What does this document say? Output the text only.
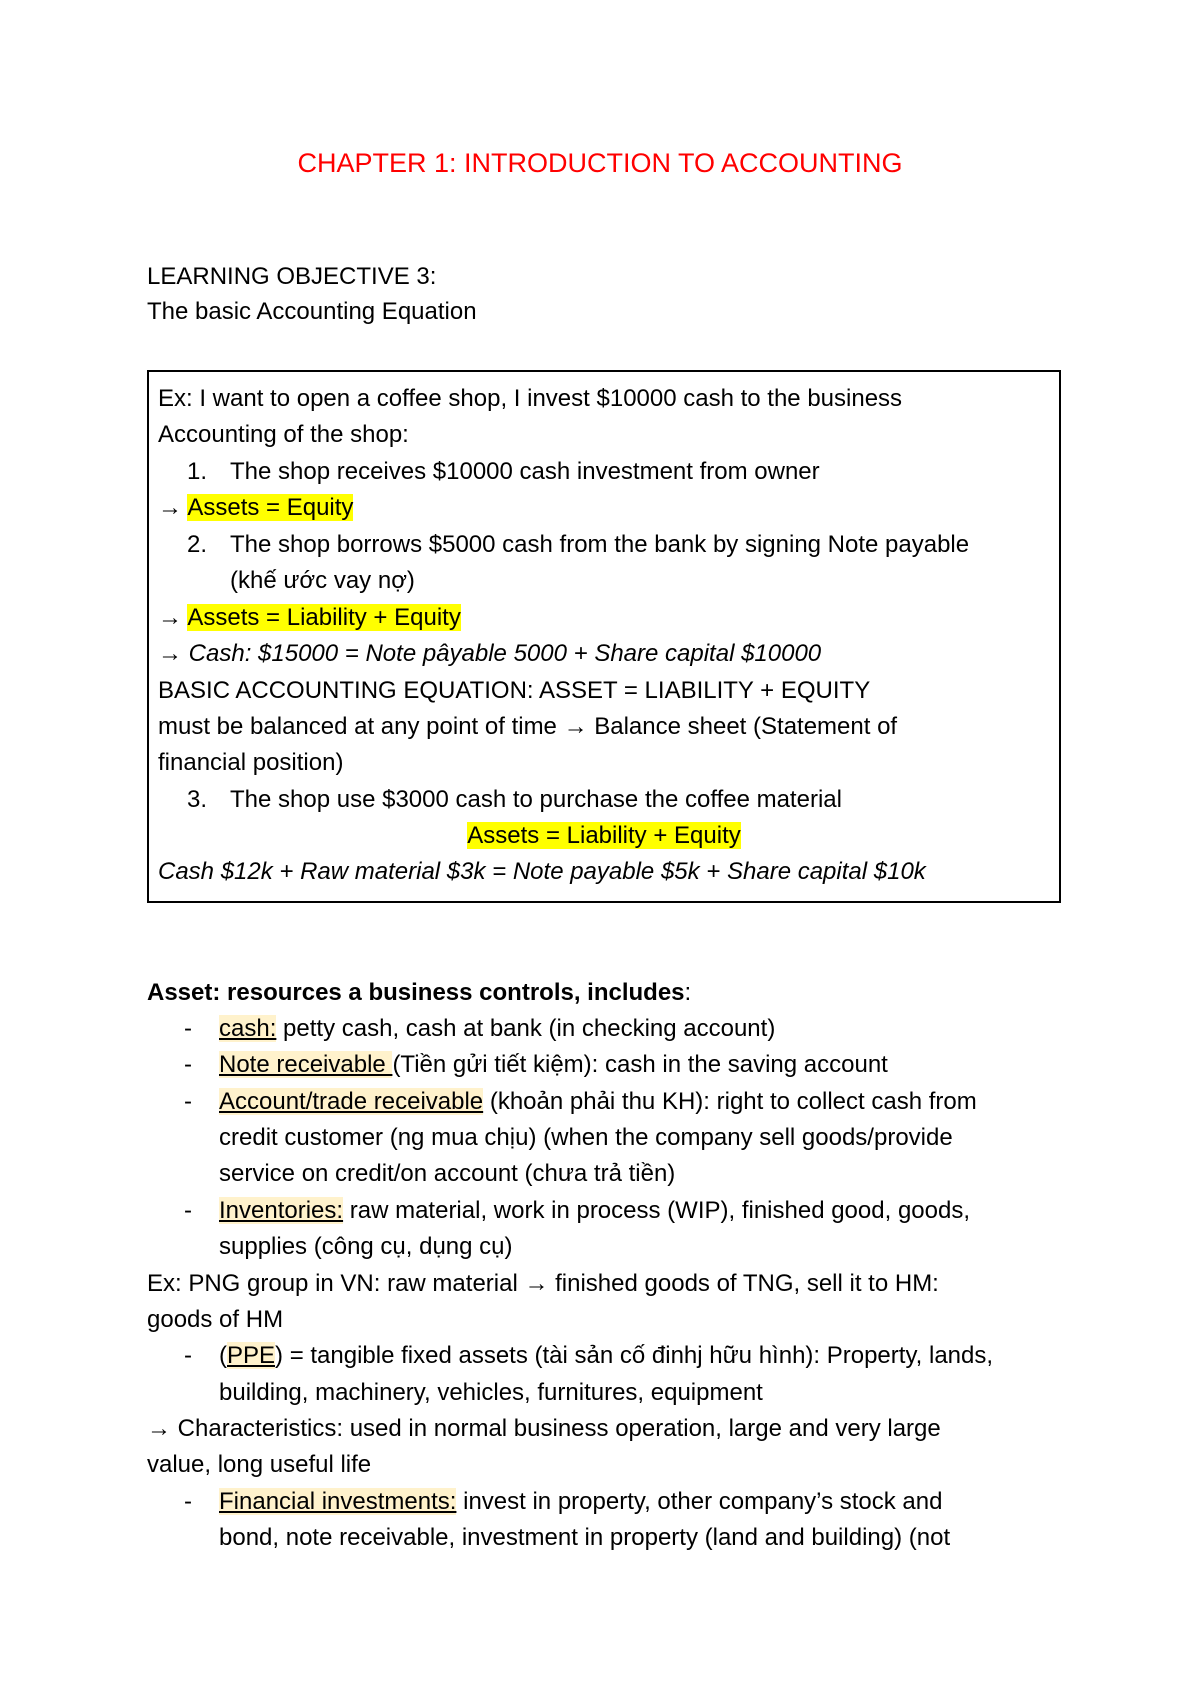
CHAPTER 1: INTRODUCTION TO ACCOUNTING
LEARNING OBJECTIVE 3:
The basic Accounting Equation
Ex: I want to open a coffee shop, I invest $10000 cash to the business
Accounting of the shop:
1. The shop receives $10000 cash investment from owner
→ Assets = Equity
2. The shop borrows $5000 cash from the bank by signing Note payable
(khế ước vay nợ)
→ Assets = Liability + Equity
→ Cash: $15000 = Note pâyable 5000 + Share capital $10000
BASIC ACCOUNTING EQUATION: ASSET = LIABILITY + EQUITY
must be balanced at any point of time → Balance sheet (Statement of
financial position)
3. The shop use $3000 cash to purchase the coffee material
Assets = Liability + Equity
Cash $12k + Raw material $3k = Note payable $5k + Share capital $10k
Asset: resources a business controls, includes:
- cash: petty cash, cash at bank (in checking account)
- Note receivable (Tiền gửi tiết kiệm): cash in the saving account
- Account/trade receivable (khoản phải thu KH): right to collect cash from
credit customer (ng mua chịu) (when the company sell goods/provide
service on credit/on account (chưa trả tiền)
- Inventories: raw material, work in process (WIP), finished good, goods,
supplies (công cụ, dụng cụ)
Ex: PNG group in VN: raw material → finished goods of TNG, sell it to HM:
goods of HM
- (PPE) = tangible fixed assets (tài sản cố đinhj hữu hình): Property, lands,
building, machinery, vehicles, furnitures, equipment
→ Characteristics: used in normal business operation, large and very large
value, long useful life
- Financial investments: invest in property, other company’s stock and
bond, note receivable, investment in property (land and building) (not
